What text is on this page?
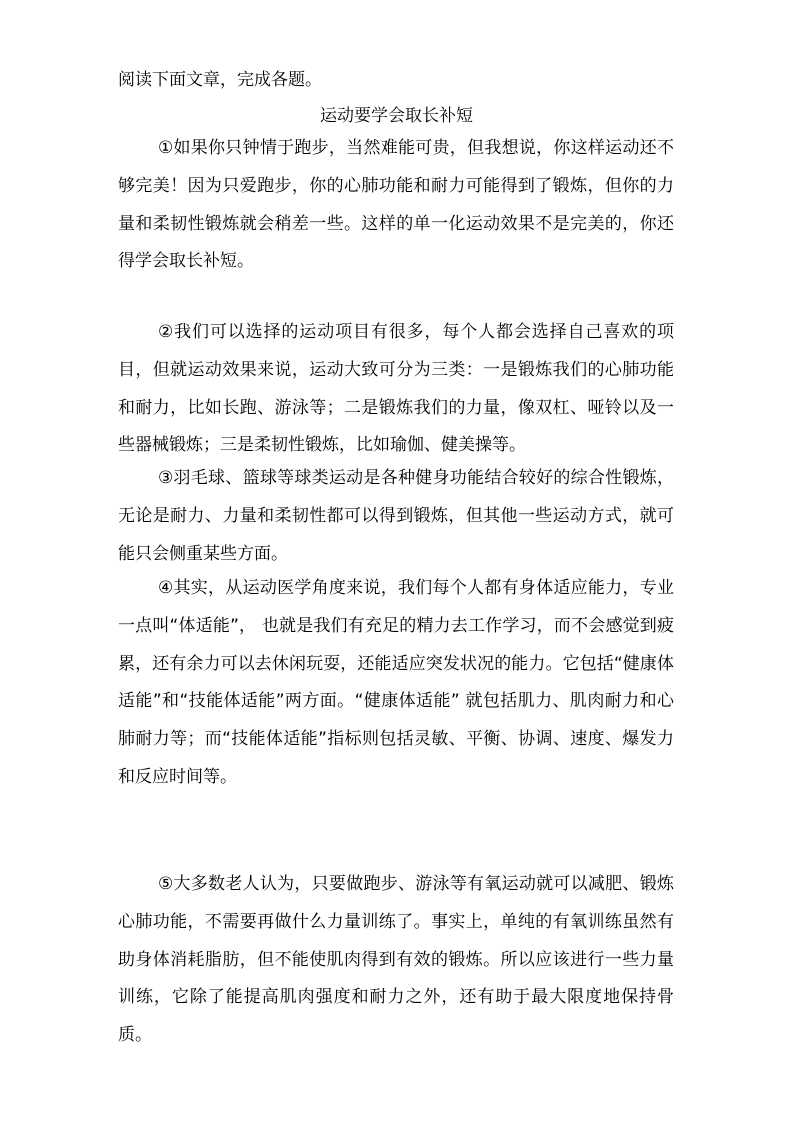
阅读下面文章，完成各题。
运动要学会取长补短

①如果你只钟情于跑步，当然难能可贵，但我想说，你这样运动还不够完美！因为只爱跑步，你的心肺功能和耐力可能得到了锻炼，但你的力量和柔韧性锻炼就会稍差一些。这样的单一化运动效果不是完美的，你还得学会取长补短。

②我们可以选择的运动项目有很多，每个人都会选择自己喜欢的项目，但就运动效果来说，运动大致可分为三类：一是锻炼我们的心肺功能和耐力，比如长跑、游泳等；二是锻炼我们的力量，像双杠、哑铃以及一些器械锻炼；三是柔韧性锻炼，比如瑜伽、健美操等。

③羽毛球、篮球等球类运动是各种健身功能结合较好的综合性锻炼，无论是耐力、力量和柔韧性都可以得到锻炼，但其他一些运动方式，就可能只会侧重某些方面。

④其实，从运动医学角度来说，我们每个人都有身体适应能力，专业一点叫“体适能”， 也就是我们有充足的精力去工作学习，而不会感觉到疲累，还有余力可以去休闲玩耍，还能适应突发状况的能力。它包括“健康体适能”和“技能体适能”两方面。“健康体适能” 就包括肌力、肌肉耐力和心肺耐力等；而“技能体适能”指标则包括灵敏、平衡、协调、速度、爆发力和反应时间等。

⑤大多数老人认为，只要做跑步、游泳等有氧运动就可以减肥、锻炼心肺功能，不需要再做什么力量训练了。事实上，单纯的有氧训练虽然有助身体消耗脂肪，但不能使肌肉得到有效的锻炼。所以应该进行一些力量训练，它除了能提高肌肉强度和耐力之外，还有助于最大限度地保持骨质。
